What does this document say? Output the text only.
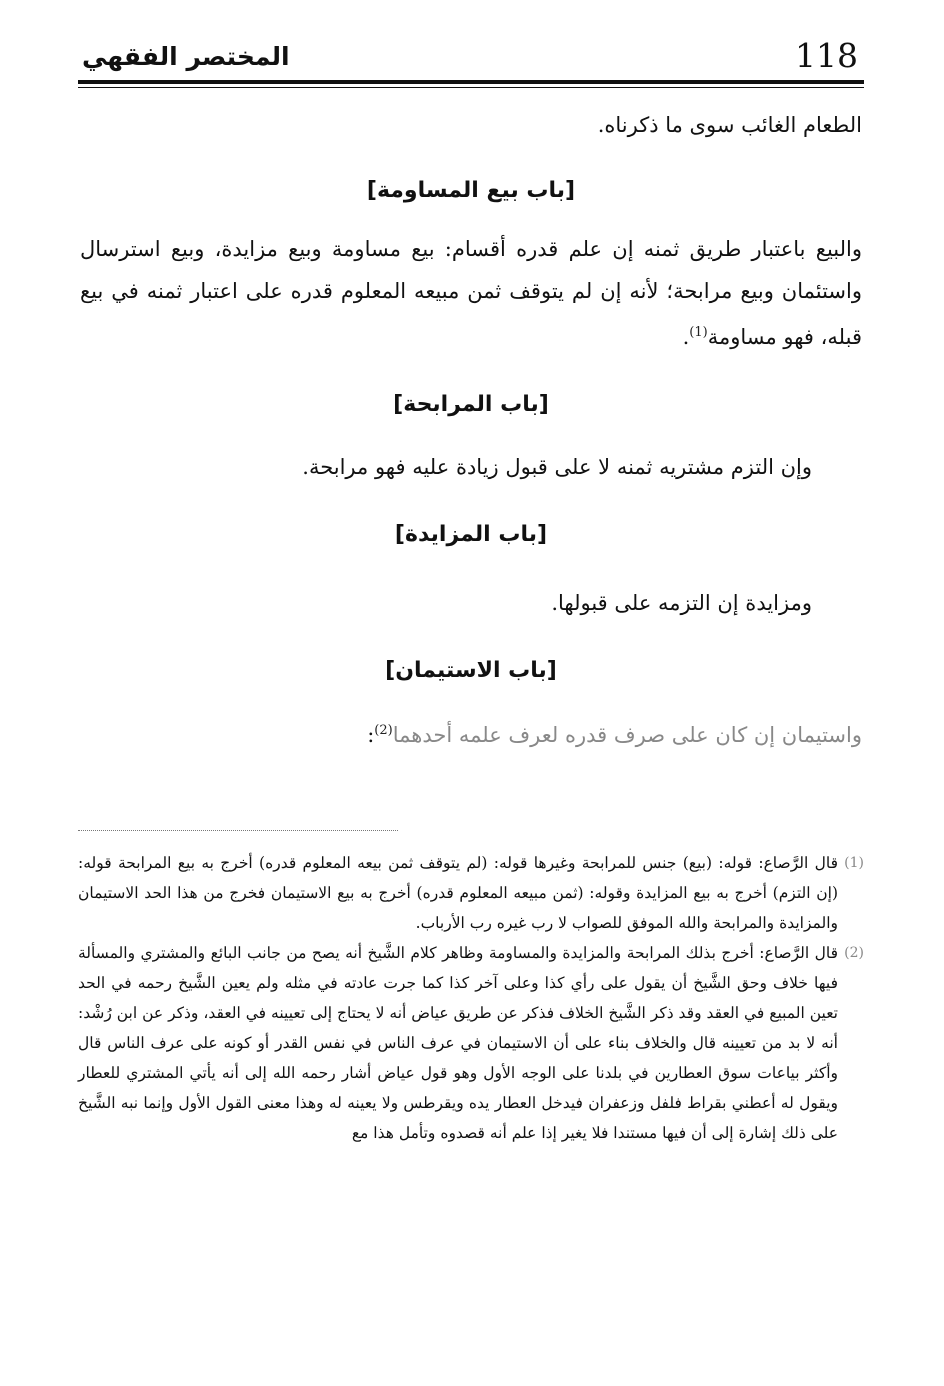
118
المختصر الفقهي

الطعام الغائب سوى ما ذكرناه.

[باب بيع المساومة]

والبيع باعتبار طريق ثمنه إن علم قدره أقسام: بيع مساومة وبيع مزايدة، وبيع استرسال واستئمان وبيع مرابحة؛ لأنه إن لم يتوقف ثمن مبيعه المعلوم قدره على اعتبار ثمنه في بيع قبله، فهو مساومة$^{(1)}$.

[باب المرابحة]

وإن التزم مشتريه ثمنه لا على قبول زيادة عليه فهو مرابحة.

[باب المزايدة]

ومزايدة إن التزمه على قبولها.

[باب الاستيمان]

واستيمان إن كان على صرف قدره لعرف علمه أحدهما$^{(2)}$:

(1)
قال الرَّصاع: قوله: (بيع) جنس للمرابحة وغيرها قوله: (لم يتوقف ثمن بيعه المعلوم قدره) أخرج به بيع المرابحة قوله: (إن التزم) أخرج به بيع المزايدة وقوله: (ثمن مبيعه المعلوم قدره) أخرج به بيع الاستيمان فخرج من هذا الحد الاستيمان والمزايدة والمرابحة والله الموفق للصواب لا رب غيره رب الأرباب.
(2)
قال الرَّصاع: أخرج بذلك المرابحة والمزايدة والمساومة وظاهر كلام الشَّيخ أنه يصح من جانب البائع والمشتري والمسألة فيها خلاف وحق الشَّيخ أن يقول على رأي كذا وعلى آخر كذا كما جرت عادته في مثله ولم يعين الشَّيخ رحمه في الحد تعين المبيع في العقد وقد ذكر الشَّيخ الخلاف فذكر عن طريق عياض أنه لا يحتاج إلى تعيينه في العقد، وذكر عن ابن رُشْد: أنه لا بد من تعيينه قال والخلاف بناء على أن الاستيمان في عرف الناس في نفس القدر أو كونه على عرف الناس قال وأكثر بياعات سوق العطارين في بلدنا على الوجه الأول وهو قول عياض أشار رحمه الله إلى أنه يأتي المشتري للعطار ويقول له أعطني بقراط فلفل وزعفران فيدخل العطار يده ويقرطس ولا يعينه له وهذا معنى القول الأول وإنما نبه الشَّيخ على ذلك إشارة إلى أن فيها مستندا فلا يغير إذا علم أنه قصدوه وتأمل هذا مع
